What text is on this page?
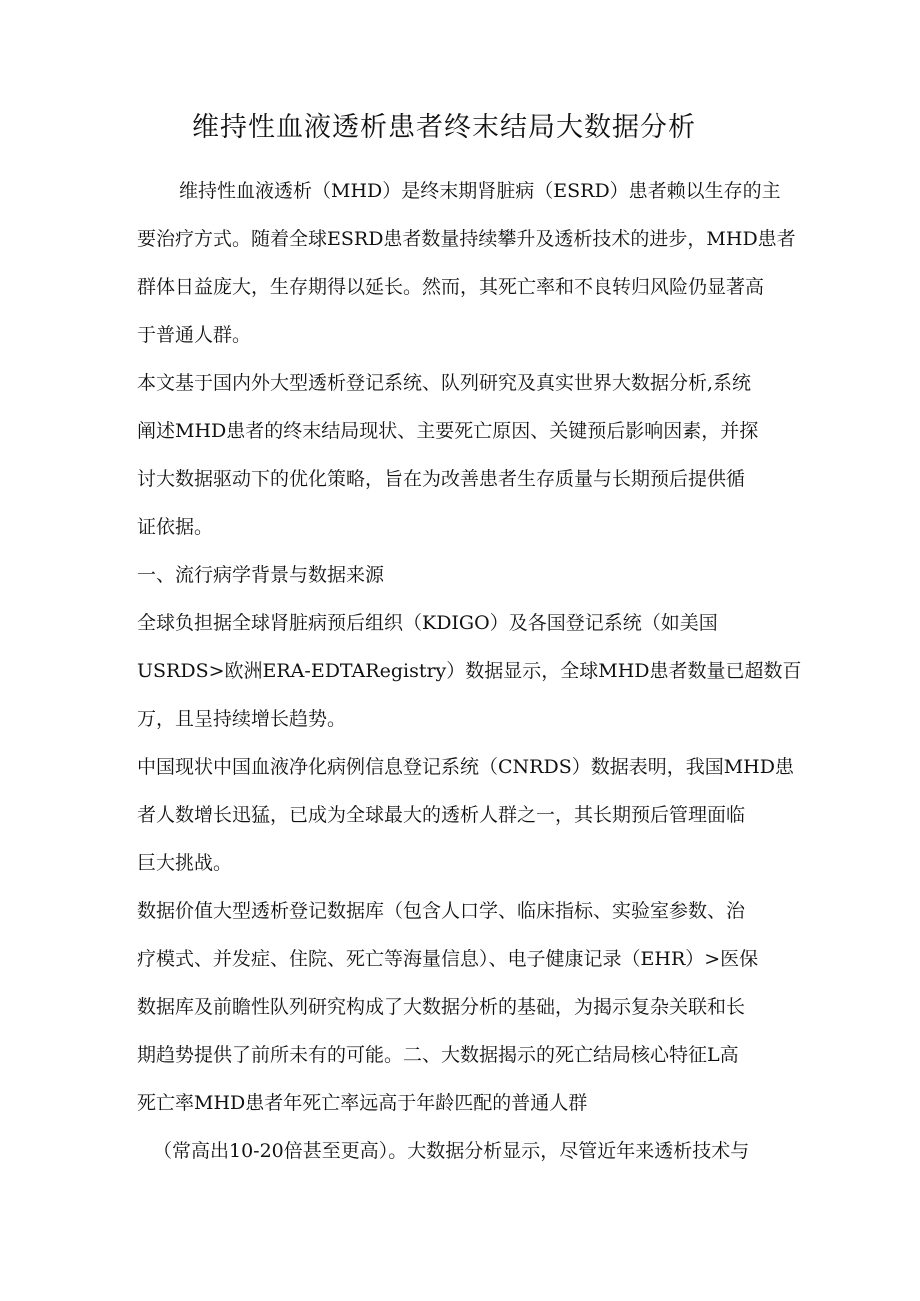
维持性血液透析患者终末结局大数据分析

维持性血液透析（MHD）是终末期肾脏病（ESRD）患者赖以生存的主

要治疗方式。随着全球ESRD患者数量持续攀升及透析技术的进步，MHD患者

群体日益庞大，生存期得以延长。然而，其死亡率和不良转归风险仍显著高

于普通人群。

本文基于国内外大型透析登记系统、队列研究及真实世界大数据分析,系统

阐述MHD患者的终末结局现状、主要死亡原因、关键预后影响因素，并探

讨大数据驱动下的优化策略，旨在为改善患者生存质量与长期预后提供循

证依据。

一、流行病学背景与数据来源

全球负担据全球肾脏病预后组织（KDIGO）及各国登记系统（如美国

USRDS>欧洲ERA-EDTARegistry）数据显示，全球MHD患者数量已超数百

万，且呈持续增长趋势。

中国现状中国血液净化病例信息登记系统（CNRDS）数据表明，我国MHD患

者人数增长迅猛，已成为全球最大的透析人群之一，其长期预后管理面临

巨大挑战。

数据价值大型透析登记数据库（包含人口学、临床指标、实验室参数、治

疗模式、并发症、住院、死亡等海量信息）、电子健康记录（EHR）>医保

数据库及前瞻性队列研究构成了大数据分析的基础，为揭示复杂关联和长

期趋势提供了前所未有的可能。二、大数据揭示的死亡结局核心特征L高

死亡率MHD患者年死亡率远高于年龄匹配的普通人群

（常高出10-20倍甚至更高）。大数据分析显示，尽管近年来透析技术与
